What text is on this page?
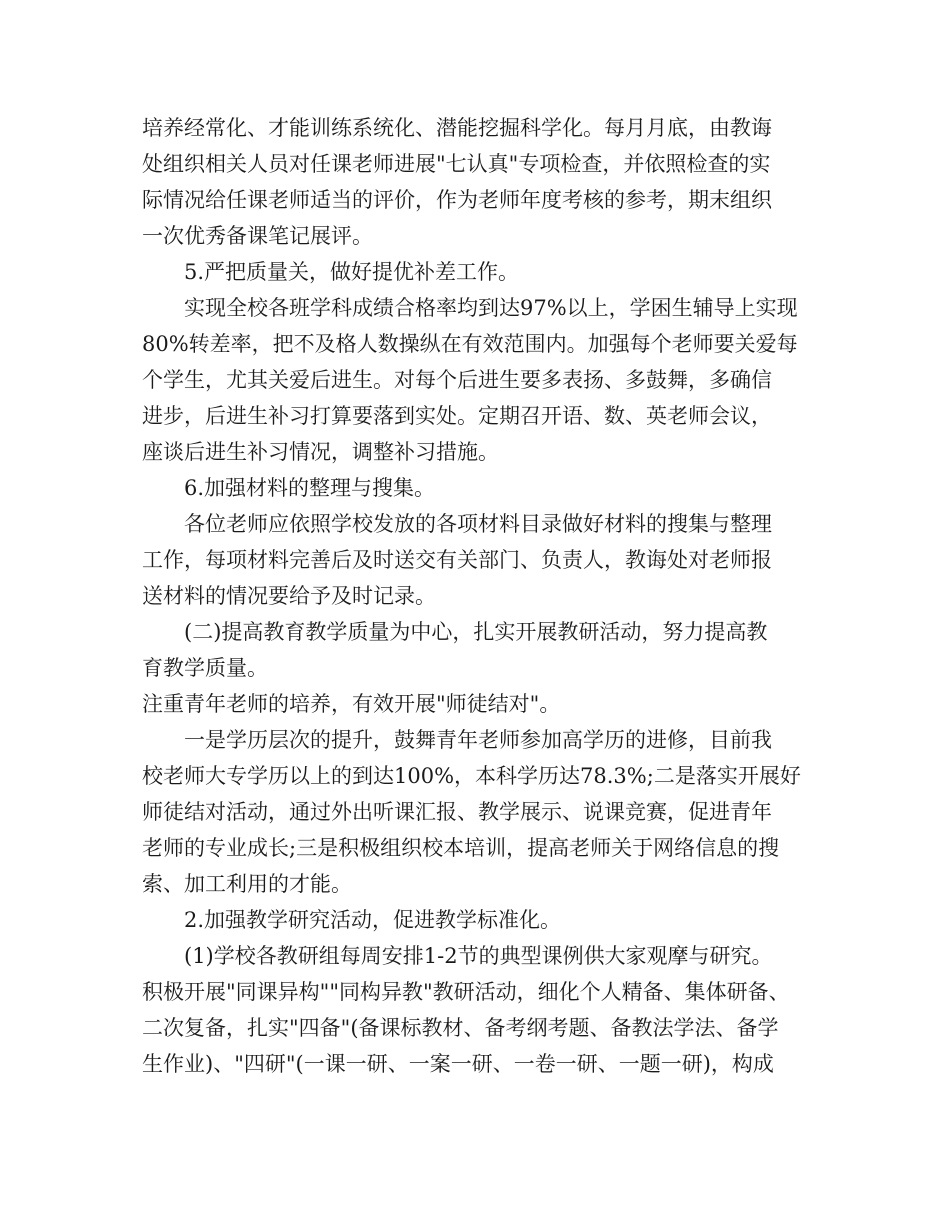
培养经常化、才能训练系统化、潜能挖掘科学化。每月月底，由教诲

处组织相关人员对任课老师进展"七认真"专项检查，并依照检查的实

际情况给任课老师适当的评价，作为老师年度考核的参考，期末组织

一次优秀备课笔记展评。

5.严把质量关，做好提优补差工作。

实现全校各班学科成绩合格率均到达97%以上，学困生辅导上实现

80%转差率，把不及格人数操纵在有效范围内。加强每个老师要关爱每

个学生，尤其关爱后进生。对每个后进生要多表扬、多鼓舞，多确信

进步，后进生补习打算要落到实处。定期召开语、数、英老师会议，

座谈后进生补习情况，调整补习措施。

6.加强材料的整理与搜集。

各位老师应依照学校发放的各项材料目录做好材料的搜集与整理

工作，每项材料完善后及时送交有关部门、负责人，教诲处对老师报

送材料的情况要给予及时记录。

(二)提高教育教学质量为中心，扎实开展教研活动，努力提高教

育教学质量。

注重青年老师的培养，有效开展"师徒结对"。

一是学历层次的提升，鼓舞青年老师参加高学历的进修，目前我

校老师大专学历以上的到达100%，本科学历达78.3%;二是落实开展好

师徒结对活动，通过外出听课汇报、教学展示、说课竞赛，促进青年

老师的专业成长;三是积极组织校本培训，提高老师关于网络信息的搜

索、加工利用的才能。

2.加强教学研究活动，促进教学标准化。

(1)学校各教研组每周安排1-2节的典型课例供大家观摩与研究。

积极开展"同课异构""同构异教"教研活动，细化个人精备、集体研备、

二次复备，扎实"四备"(备课标教材、备考纲考题、备教法学法、备学

生作业)、"四研"(一课一研、一案一研、一卷一研、一题一研)，构成
